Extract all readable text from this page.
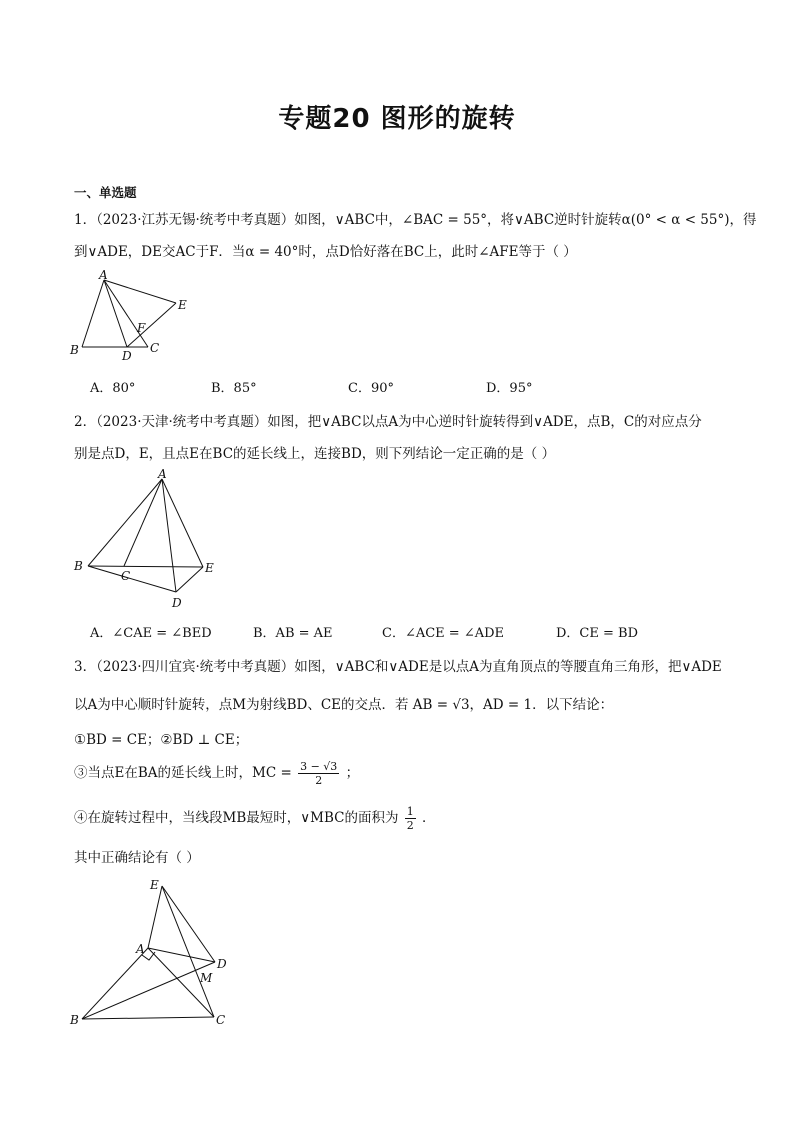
专题20 图形的旋转
一、单选题
1．（2023·江苏无锡·统考中考真题）如图，∨ABC中，∠BAC = 55°，将∨ABC逆时针旋转α(0° < α < 55°)，得
到∨ADE，DE交AC于F．当α = 40°时，点D恰好落在BC上，此时∠AFE等于（ ）
A
B	C
D
E
F
A．80°	B．85°	C．90°	D．95°
2．（2023·天津·统考中考真题）如图，把∨ABC以点A为中心逆时针旋转得到∨ADE，点B，C的对应点分
别是点D，E，且点E在BC的延长线上，连接BD，则下列结论一定正确的是（ ）
A
B
C
D
E
A．∠CAE = ∠BED	B．AB = AE	C．∠ACE = ∠ADE	D．CE = BD
3．（2023·四川宜宾·统考中考真题）如图，∨ABC和∨ADE是以点A为直角顶点的等腰直角三角形，把∨ADE
以A为中心顺时针旋转，点M为射线BD、CE的交点．若 AB = √3，AD = 1．以下结论：
①BD = CE；②BD ⊥ CE；
③当点E在BA的延长线上时，MC = $\frac{3 - √3}{2}$ ；
④在旋转过程中，当线段MB最短时，∨MBC的面积为 $\frac{1}{2}$ ．
其中正确结论有（ ）
E
A
D
M
B	C
